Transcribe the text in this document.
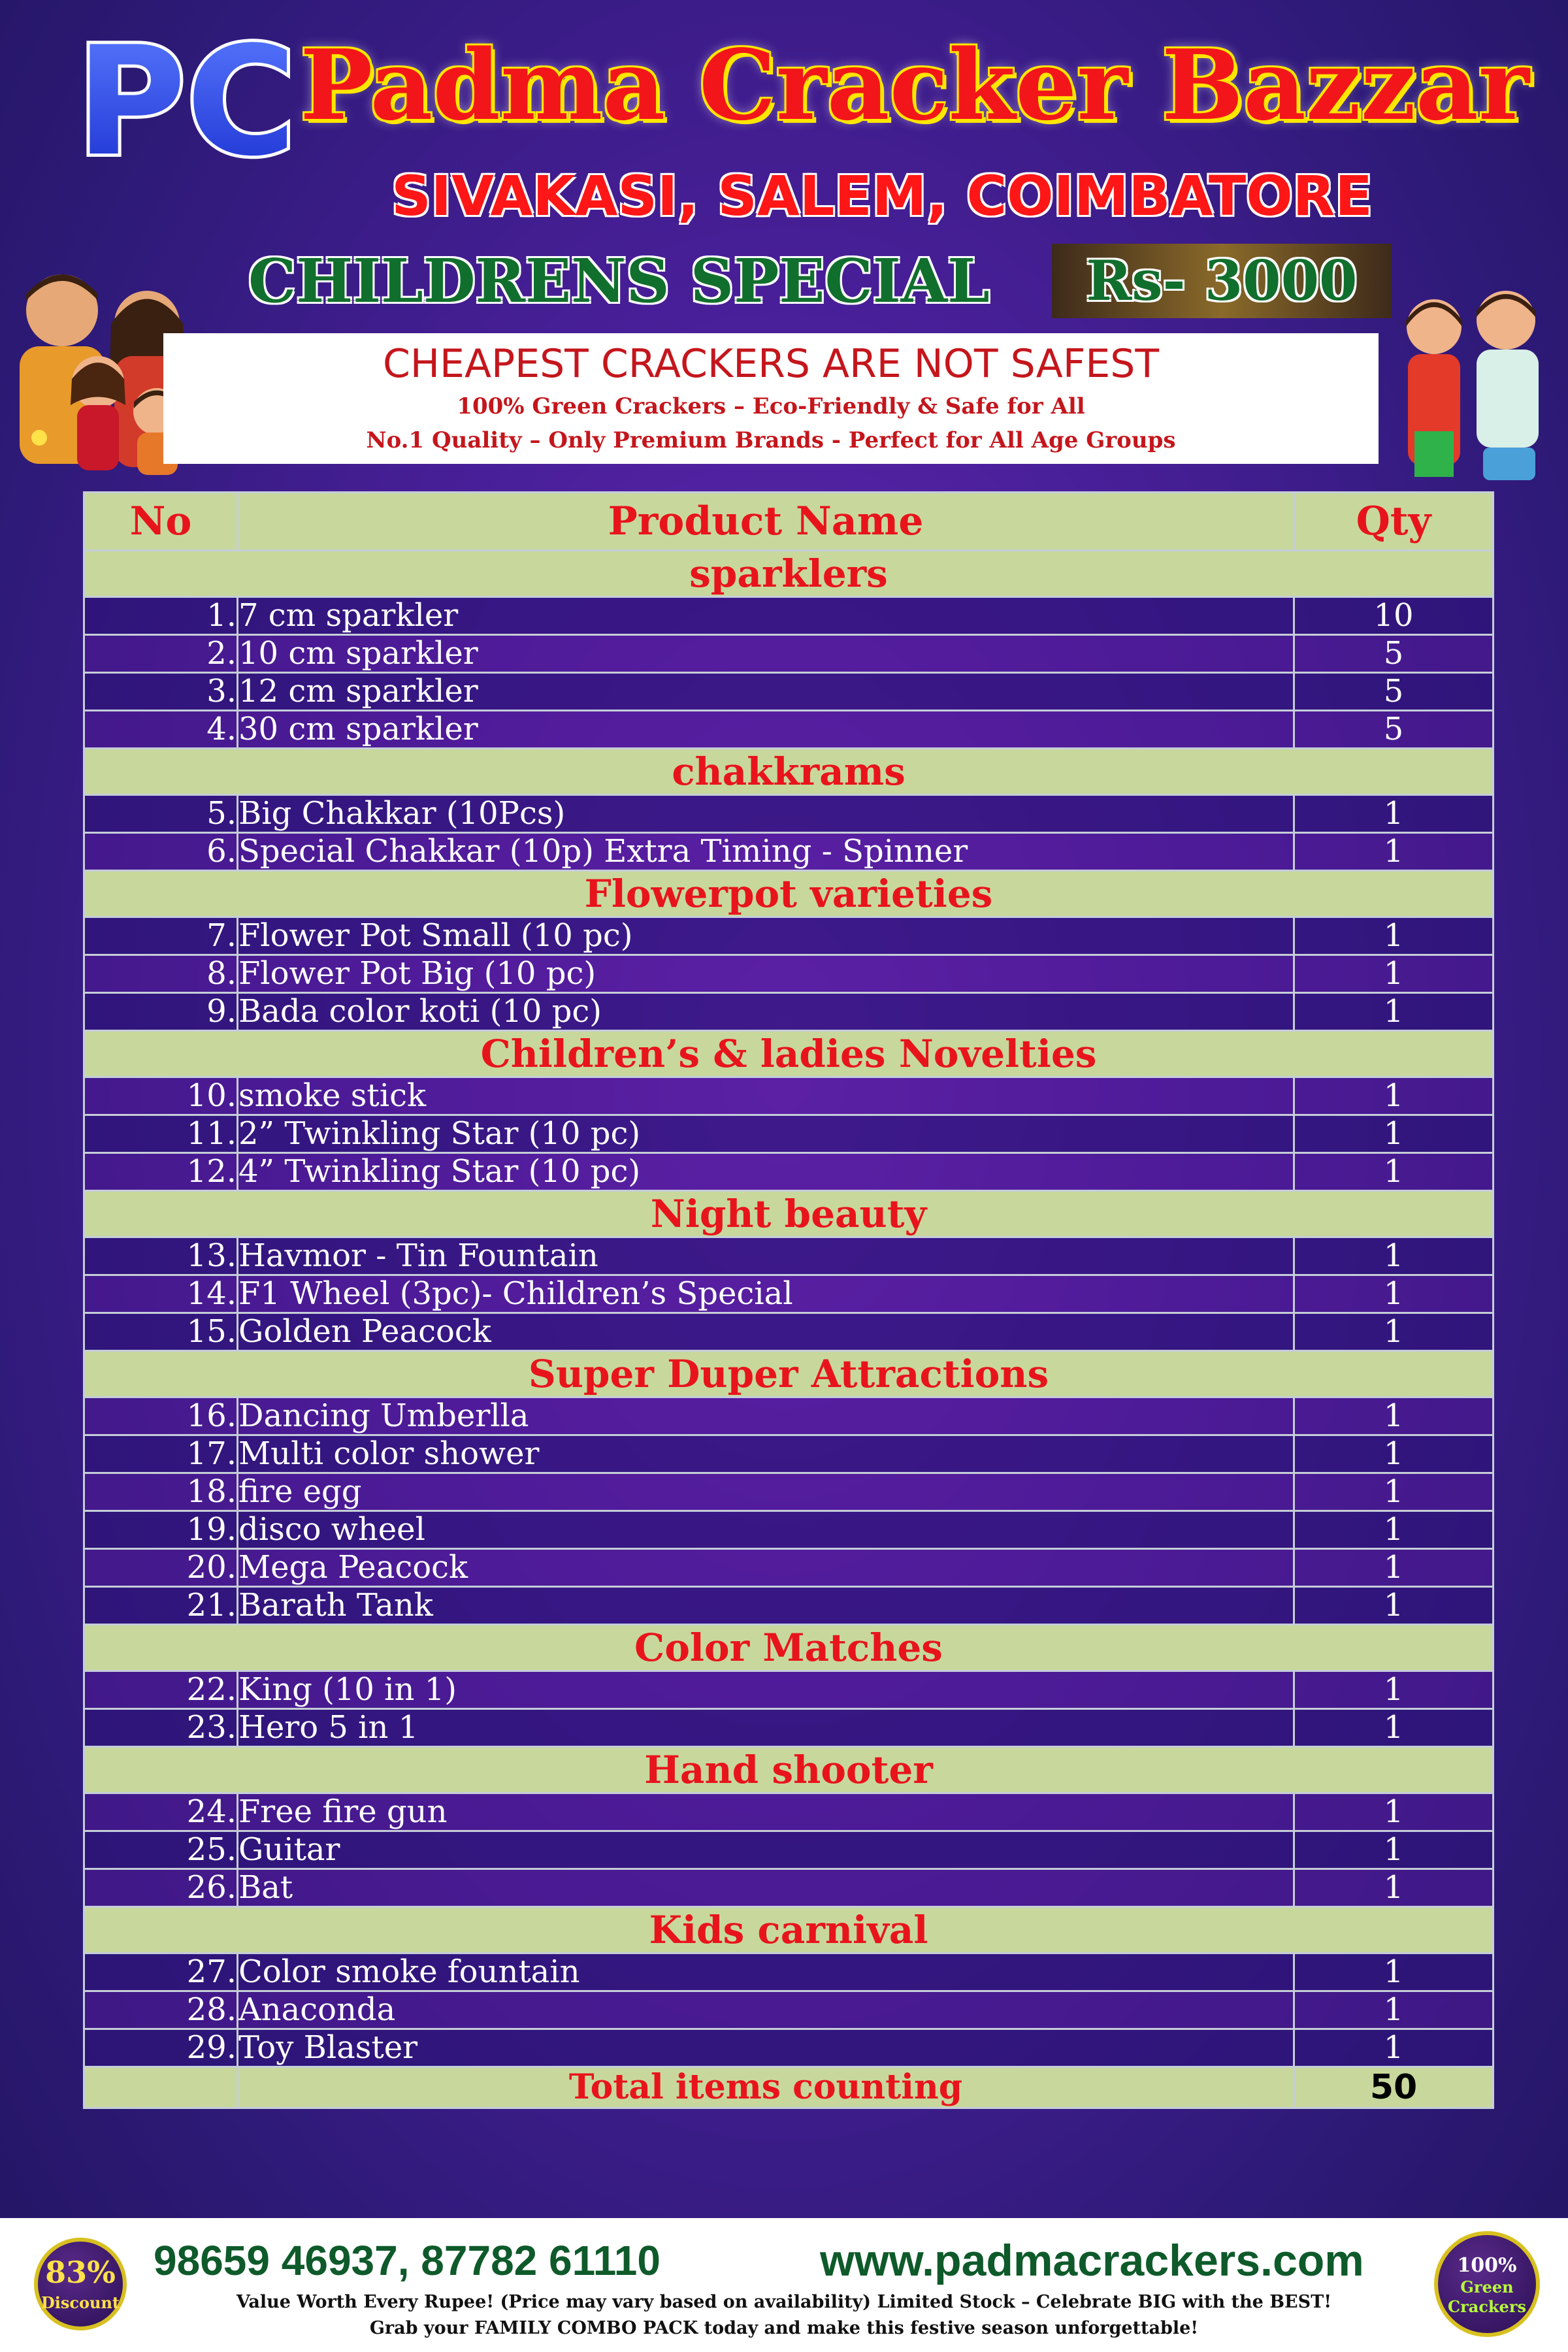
PC Padma Cracker Bazzar
SIVAKASI, SALEM, COIMBATORE
CHILDRENS SPECIAL	Rs- 3000
CHEAPEST CRACKERS ARE NOT SAFEST
100% Green Crackers – Eco-Friendly & Safe for All
No.1 Quality – Only Premium Brands - Perfect for All Age Groups
No	Product Name	Qty
sparklers		
1.	7 cm sparkler	10
2.	10 cm sparkler	5
3.	12 cm sparkler	5
4.	30 cm sparkler	5
chakkrams		
5.	Big Chakkar (10Pcs)	1
6.	Special Chakkar (10p) Extra Timing - Spinner	1
Flowerpot varieties		
7.	Flower Pot Small (10 pc)	1
8.	Flower Pot Big (10 pc)	1
9.	Bada color koti (10 pc)	1
Children’s & ladies Novelties		
10.	smoke stick	1
11.	2” Twinkling Star (10 pc)	1
12.	4” Twinkling Star (10 pc)	1
Night beauty		
13.	Havmor - Tin Fountain	1
14.	F1 Wheel (3pc)- Children’s Special	1
15.	Golden Peacock	1
Super Duper Attractions		
16.	Dancing Umberlla	1
17.	Multi color shower	1
18.	fire egg	1
19.	disco wheel	1
20.	Mega Peacock	1
21.	Barath Tank	1
Color Matches		
22.	King (10 in 1)	1
23.	Hero 5 in 1	1
Hand shooter		
24.	Free fire gun	1
25.	Guitar	1
26.	Bat	1
Kids carnival		
27.	Color smoke fountain	1
28.	Anaconda	1
29.	Toy Blaster	1
	Total items counting	50
83%
Discount
98659 46937, 87782 61110	www.padmacrackers.com
Value Worth Every Rupee! (Price may vary based on availability) Limited Stock – Celebrate BIG with the BEST!
Grab your FAMILY COMBO PACK today and make this festive season unforgettable!
100%
Green
Crackers
